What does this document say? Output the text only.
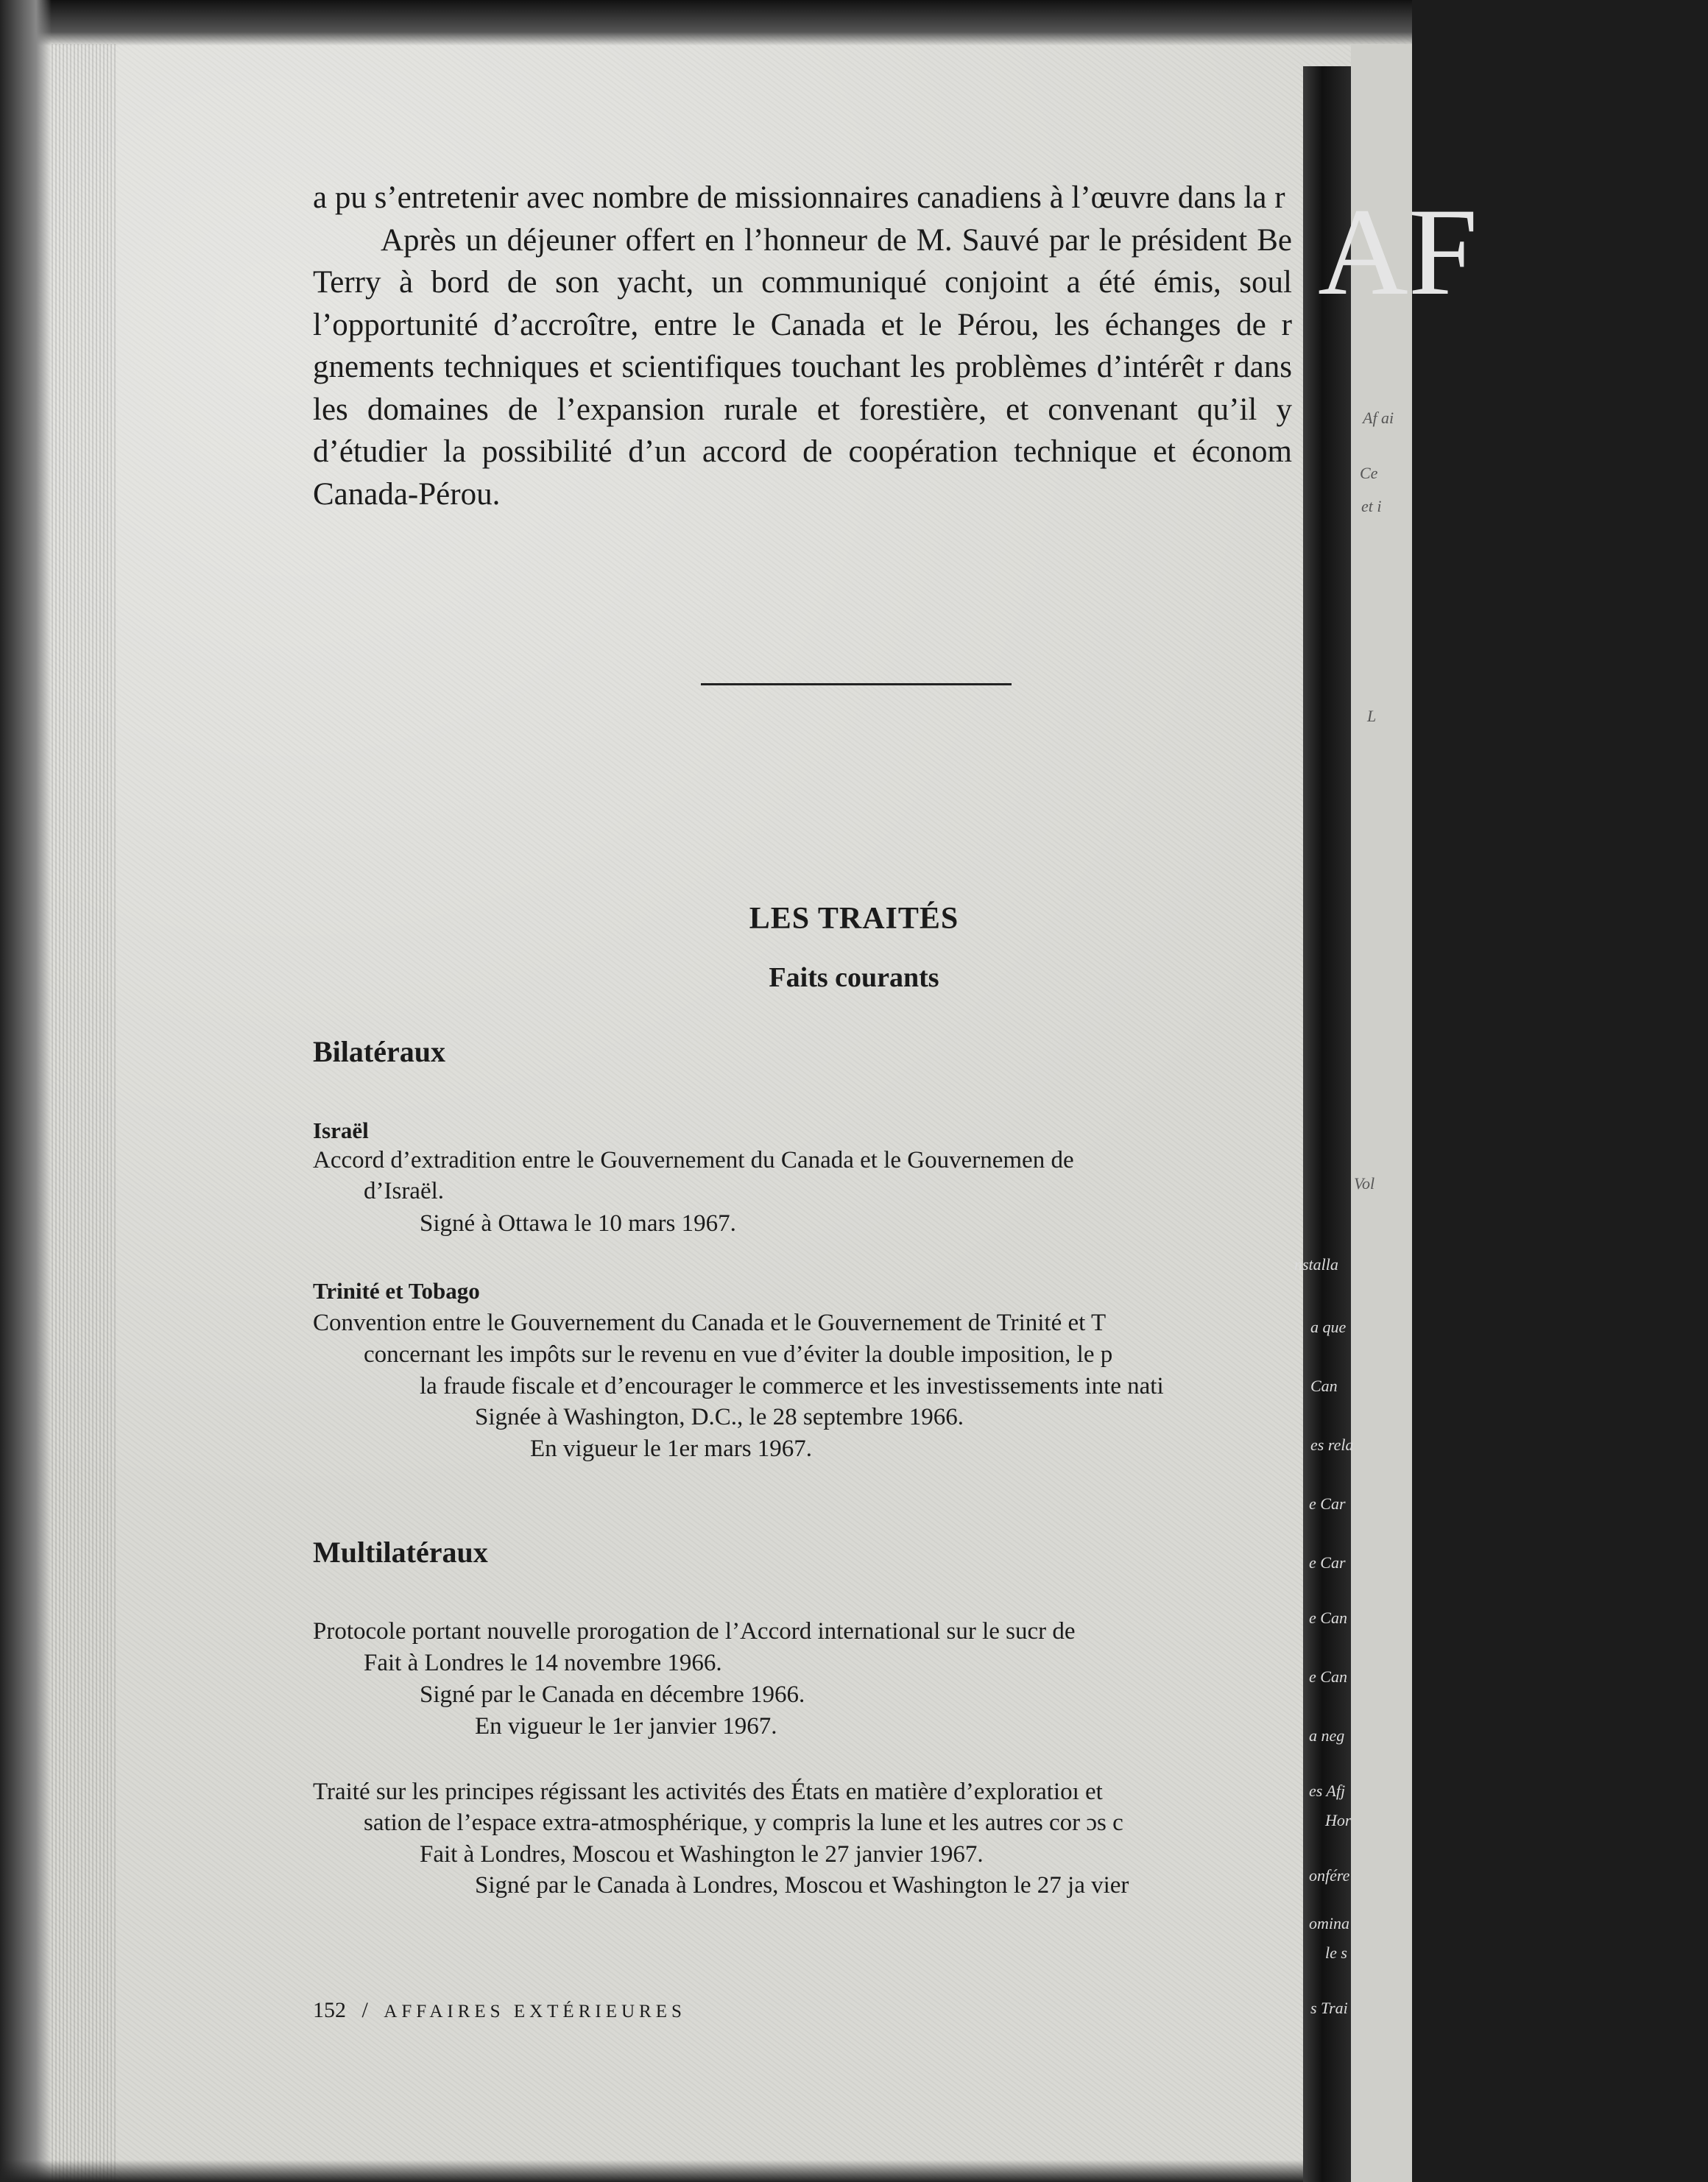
AF
Af ai
Ce
et i
L
Vol
nstalla
a que
Can
es rela
e Car
e Car
e Can
e Can
a neg
es Afj
Hor
onfére
omina
le s
s Trai

a pu s’entretenir avec nombre de missionnaires canadiens à l’œuvre dans la r

Après un déjeuner offert en l’honneur de M. Sauvé par le président Be Terry à bord de son yacht, un communiqué conjoint a été émis, soul l’opportunité d’accroître, entre le Canada et le Pérou, les échanges de r gnements techniques et scientifiques touchant les problèmes d’intérêt r dans les domaines de l’expansion rurale et forestière, et convenant qu’il y d’étudier la possibilité d’un accord de coopération technique et économ Canada-Pérou.

LES TRAITÉS
Faits courants
Bilatéraux
Israël
Accord d’extradition entre le Gouvernement du Canada et le Gouvernemen de
d’Israël.
Signé à Ottawa le 10 mars 1967.
Trinité et Tobago
Convention entre le Gouvernement du Canada et le Gouvernement de Trinité et T
concernant les impôts sur le revenu en vue d’éviter la double imposition, le p
la fraude fiscale et d’encourager le commerce et les investissements inte nati
Signée à Washington, D.C., le 28 septembre 1966.
En vigueur le 1er mars 1967.
Multilatéraux
Protocole portant nouvelle prorogation de l’Accord international sur le sucr de
Fait à Londres le 14 novembre 1966.
Signé par le Canada en décembre 1966.
En vigueur le 1er janvier 1967.
Traité sur les principes régissant les activités des États en matière d’exploratioı et
sation de l’espace extra-atmosphérique, y compris la lune et les autres cor ɔs c
Fait à Londres, Moscou et Washington le 27 janvier 1967.
Signé par le Canada à Londres, Moscou et Washington le 27 ja vier
152 / AFFAIRES EXTÉRIEURES
